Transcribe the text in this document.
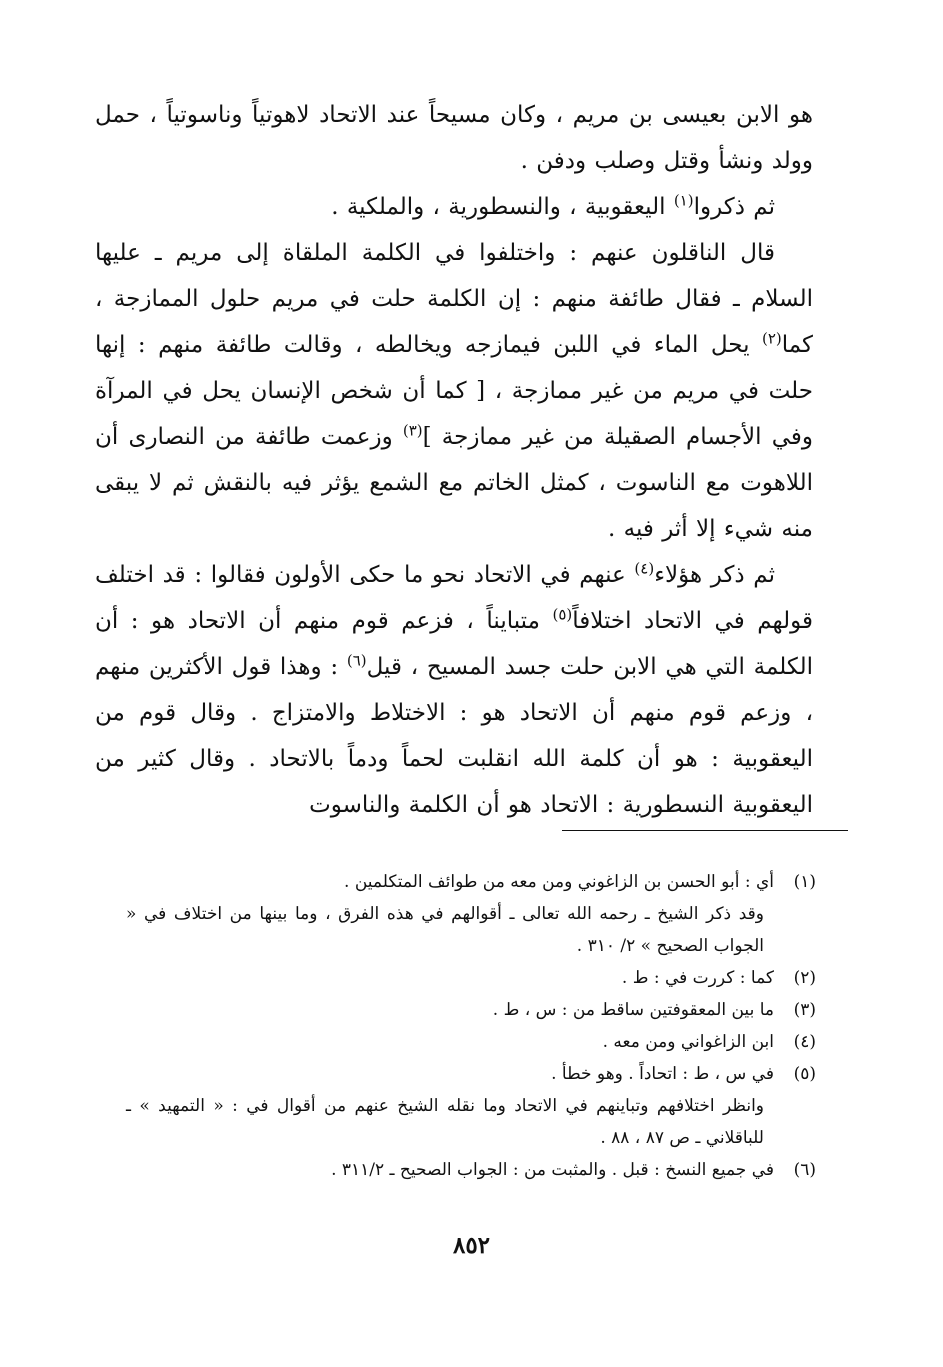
هو الابن بعيسى بن مريم ، وكان مسيحاً عند الاتحاد لاهوتياً وناسوتياً ، حمل وولد ونشأ وقتل وصلب ودفن .

ثم ذكروا$^{(١)}$ اليعقوبية ، والنسطورية ، والملكية .

قال الناقلون عنهم : واختلفوا في الكلمة الملقاة إلى مريم ـ عليها السلام ـ فقال طائفة منهم : إن الكلمة حلت في مريم حلول الممازجة ، كما$^{(٢)}$ يحل الماء في اللبن فيمازجه ويخالطه ، وقالت طائفة منهم : إنها حلت في مريم من غير ممازجة ، [ كما أن شخص الإنسان يحل في المرآة وفي الأجسام الصقيلة من غير ممازجة ]$^{(٣)}$ وزعمت طائفة من النصارى أن اللاهوت مع الناسوت ، كمثل الخاتم مع الشمع يؤثر فيه بالنقش ثم لا يبقى منه شيء إلا أثر فيه .

ثم ذكر هؤلاء$^{(٤)}$ عنهم في الاتحاد نحو ما حكى الأولون فقالوا : قد اختلف قولهم في الاتحاد اختلافاً$^{(٥)}$ متبايناً ، فزعم قوم منهم أن الاتحاد هو : أن الكلمة التي هي الابن حلت جسد المسيح ، قيل$^{(٦)}$ : وهذا قول الأكثرين منهم ، وزعم قوم منهم أن الاتحاد هو : الاختلاط والامتزاج . وقال قوم من اليعقوبية : هو أن كلمة الله انقلبت لحماً ودماً بالاتحاد . وقال كثير من اليعقوبية النسطورية : الاتحاد هو أن الكلمة والناسوت

(١)
أي : أبو الحسن بن الزاغوني ومن معه من طوائف المتكلمين .
وقد ذكر الشيخ ـ رحمه الله تعالى ـ أقوالهم في هذه الفرق ، وما بينها من اختلاف في « الجواب الصحيح » ٢/ ٣١٠ .
(٢)
كما : كررت في : ط .
(٣)
ما بين المعقوفتين ساقط من : س ، ط .
(٤)
ابن الزاغواني ومن معه .
(٥)
في س ، ط : اتحاداً . وهو خطأ .
وانظر اختلافهم وتباينهم في الاتحاد وما نقله الشيخ عنهم من أقوال في : « التمهيد » ـ للباقلاني ـ ص ٨٧ ، ٨٨ .
(٦)
في جميع النسخ : قبل . والمثبت من : الجواب الصحيح ـ ٣١١/٢ .
٨٥٢
